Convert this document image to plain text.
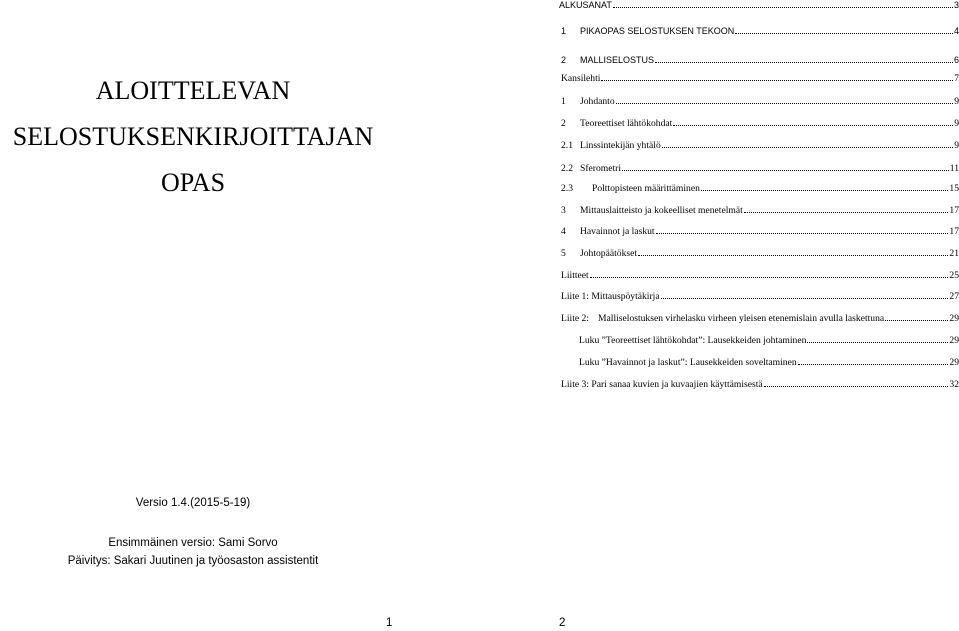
ALOITTELEVAN
SELOSTUKSENKIRJOITTAJAN
OPAS
Versio 1.4.(2015-5-19)
Ensimmäinen versio: Sami Sorvo
Päivitys: Sakari Juutinen ja työosaston assistentit
1
ALKUSANAT	3
1	PIKAOPAS SELOSTUKSEN TEKOON	4
2	MALLISELOSTUS	6
Kansilehti	7
1	Johdanto	9
2	Teoreettiset lähtökohdat	9
2.1 Linssintekijän yhtälö	9
2.2 Sferometri	11
2.3	Polttopisteen määrittäminen	15
3	Mittauslaitteisto ja kokeelliset menetelmät	17
4	Havainnot ja laskut	17
5	Johtopäätökset	21
Liitteet	25
Liite 1: Mittauspöytäkirja	27
Liite 2: Malliselostuksen virhelasku virheen yleisen etenemislain avulla laskettuna	29
Luku ”Teoreettiset lähtökohdat”: Lausekkeiden johtaminen	29
Luku ”Havainnot ja laskut”: Lausekkeiden soveltaminen	29
Liite 3: Pari sanaa kuvien ja kuvaajien käyttämisestä	32
2
